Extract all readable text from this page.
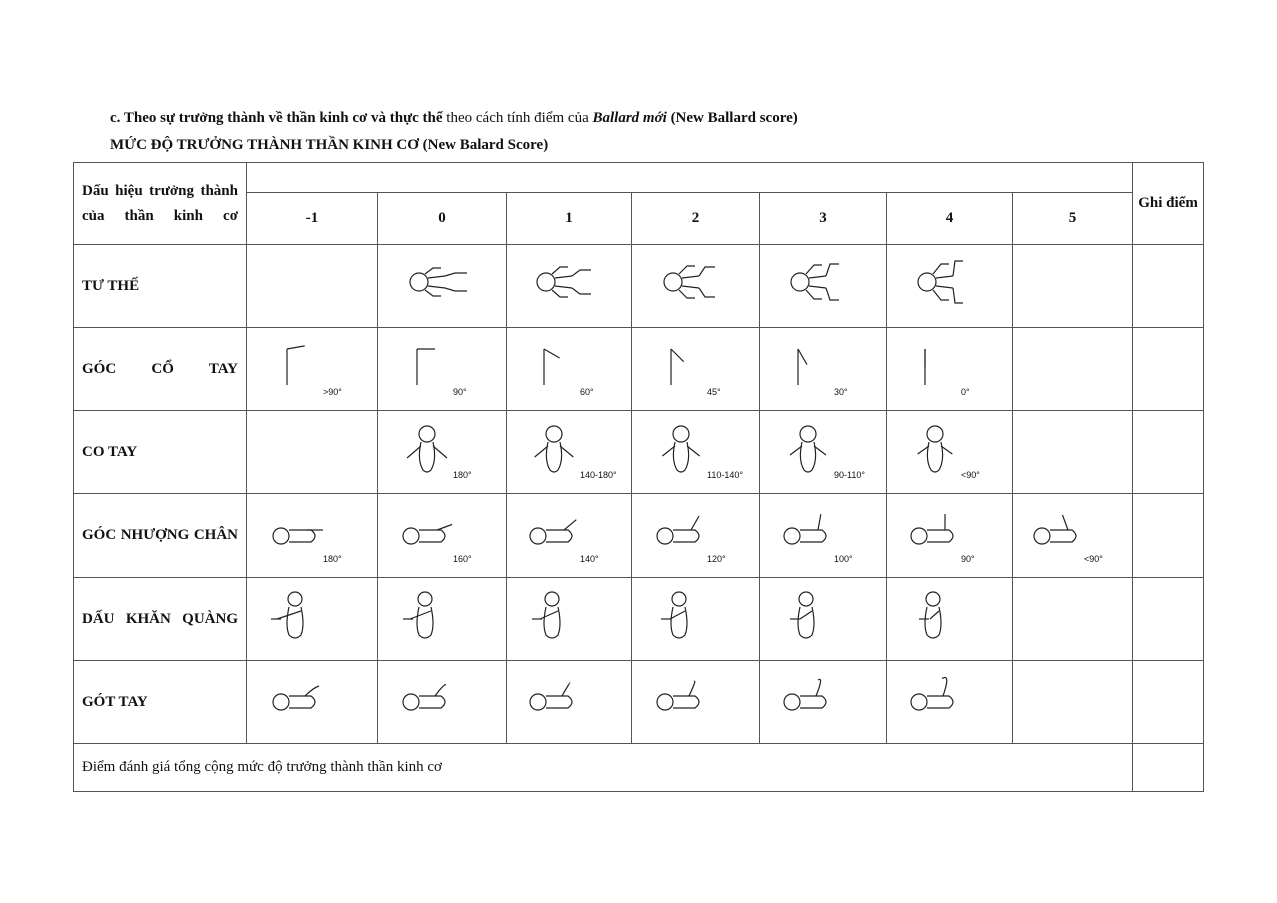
c. Theo sự trưởng thành về thần kinh cơ và thực thể theo cách tính điểm của Ballard mới (New Ballard score)
MỨC ĐỘ TRƯỞNG THÀNH THẦN KINH CƠ (New Balard Score)
Dấu hiệu trưởng thành của thần kinh cơ								Ghi điểm
	-1	0	1	2	3	4	5	
TƯ THẾ		

GÓC CỔ TAY	>90°	90°	60°	45°	30°	0°		

CO TAY		180°	140-180°	110-140°	90-110°	<90°		

GÓC NHƯỢNG CHÂN	180°	160°	140°	120°	100°	90°	<90°	

DẤU KHĂN QUÀNG	

GÓT TAY	

Điểm đánh giá tổng cộng mức độ trưởng thành thần kinh cơ								
